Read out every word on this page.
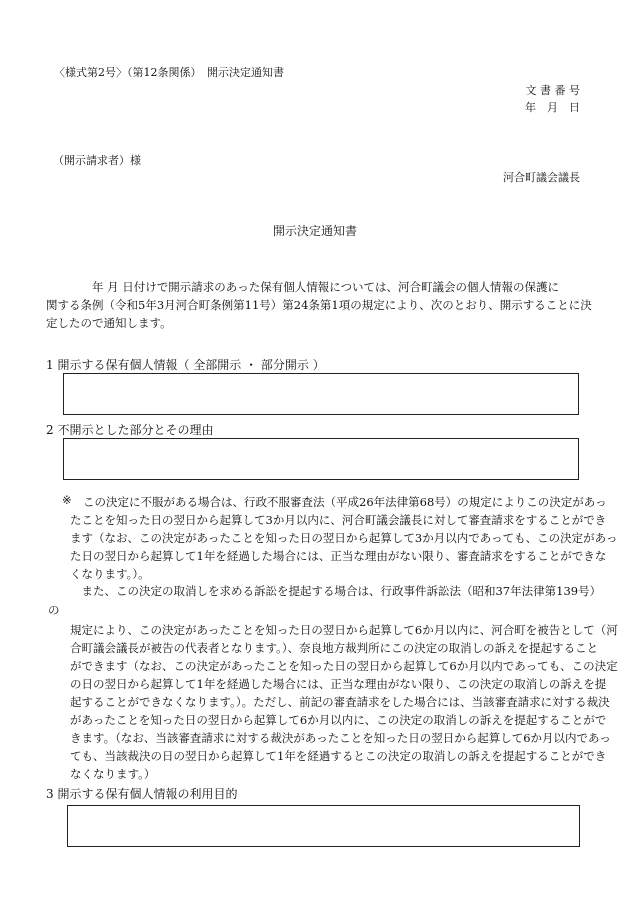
〈様式第2号〉（第12条関係）　開示決定通知書
文 書 番 号
年　月　日
（開示請求者）様
河合町議会議長
開示決定通知書
　　　　年 月 日付けで開示請求のあった保有個人情報については、河合町議会の個人情報の保護に
関する条例（令和5年3月河合町条例第11号）第24条第1項の規定により、次のとおり、開示することに決
定したので通知します。
1 開示する保有個人情報（ 全部開示 ・ 部分開示 ）
2 不開示とした部分とその理由
※ この決定に不服がある場合は、行政不服審査法（平成26年法律第68号）の規定によりこの決定があっ
たことを知った日の翌日から起算して3か月以内に、河合町議会議長に対して審査請求をすることができ
ます（なお、この決定があったことを知った日の翌日から起算して3か月以内であっても、この決定があっ
た日の翌日から起算して1年を経過した場合には、正当な理由がない限り、審査請求をすることができな
くなります。）。
　また、この決定の取消しを求める訴訟を提起する場合は、行政事件訴訟法（昭和37年法律第139号）
の
規定により、この決定があったことを知った日の翌日から起算して6か月以内に、河合町を被告として（河
合町議会議長が被告の代表者となります。）、奈良地方裁判所にこの決定の取消しの訴えを提起すること
ができます（なお、この決定があったことを知った日の翌日から起算して6か月以内であっても、この決定
の日の翌日から起算して1年を経過した場合には、正当な理由がない限り、この決定の取消しの訴えを提
起することができなくなります。）。ただし、前記の審査請求をした場合には、当該審査請求に対する裁決
があったことを知った日の翌日から起算して6か月以内に、この決定の取消しの訴えを提起することがで
きます。（なお、当該審査請求に対する裁決があったことを知った日の翌日から起算して6か月以内であっ
ても、当該裁決の日の翌日から起算して1年を経過するとこの決定の取消しの訴えを提起することができ
なくなります。）
3 開示する保有個人情報の利用目的
